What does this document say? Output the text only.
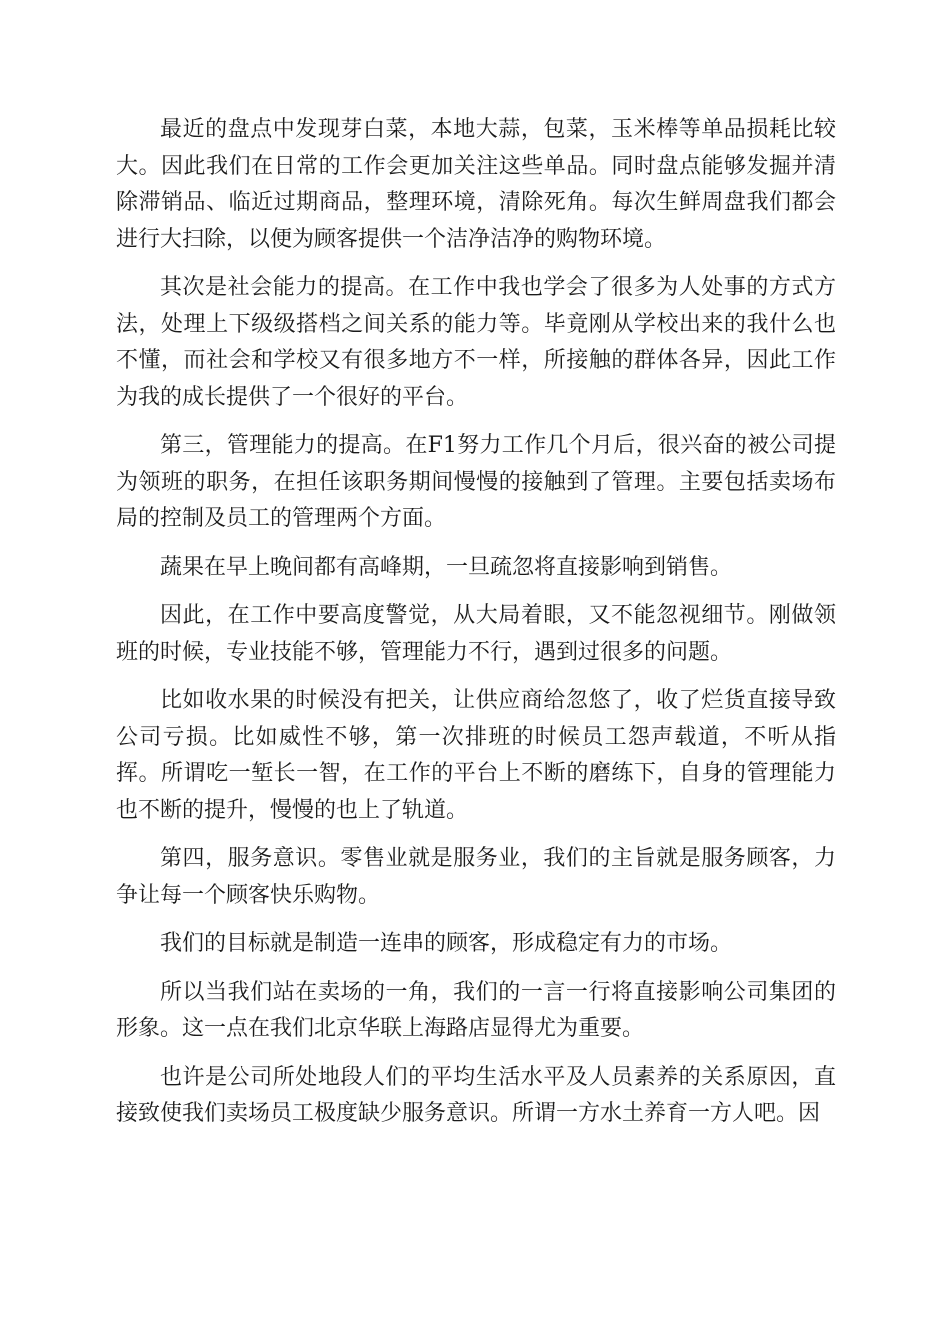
最近的盘点中发现芽白菜，本地大蒜，包菜，玉米棒等单品损耗比较大。因此我们在日常的工作会更加关注这些单品。同时盘点能够发掘并清除滞销品、临近过期商品，整理环境，清除死角。每次生鲜周盘我们都会进行大扫除，以便为顾客提供一个洁净洁净的购物环境。

其次是社会能力的提高。在工作中我也学会了很多为人处事的方式方法，处理上下级级搭档之间关系的能力等。毕竟刚从学校出来的我什么也不懂，而社会和学校又有很多地方不一样，所接触的群体各异，因此工作为我的成长提供了一个很好的平台。

第三，管理能力的提高。在F1努力工作几个月后，很兴奋的被公司提为领班的职务，在担任该职务期间慢慢的接触到了管理。主要包括卖场布局的控制及员工的管理两个方面。

蔬果在早上晚间都有高峰期，一旦疏忽将直接影响到销售。

因此，在工作中要高度警觉，从大局着眼，又不能忽视细节。刚做领班的时候，专业技能不够，管理能力不行，遇到过很多的问题。

比如收水果的时候没有把关，让供应商给忽悠了，收了烂货直接导致公司亏损。比如威性不够，第一次排班的时候员工怨声载道，不听从指挥。所谓吃一堑长一智，在工作的平台上不断的磨练下，自身的管理能力也不断的提升，慢慢的也上了轨道。

第四，服务意识。零售业就是服务业，我们的主旨就是服务顾客，力争让每一个顾客快乐购物。

我们的目标就是制造一连串的顾客，形成稳定有力的市场。

所以当我们站在卖场的一角，我们的一言一行将直接影响公司集团的形象。这一点在我们北京华联上海路店显得尤为重要。

也许是公司所处地段人们的平均生活水平及人员素养的关系原因，直接致使我们卖场员工极度缺少服务意识。所谓一方水土养育一方人吧。因
